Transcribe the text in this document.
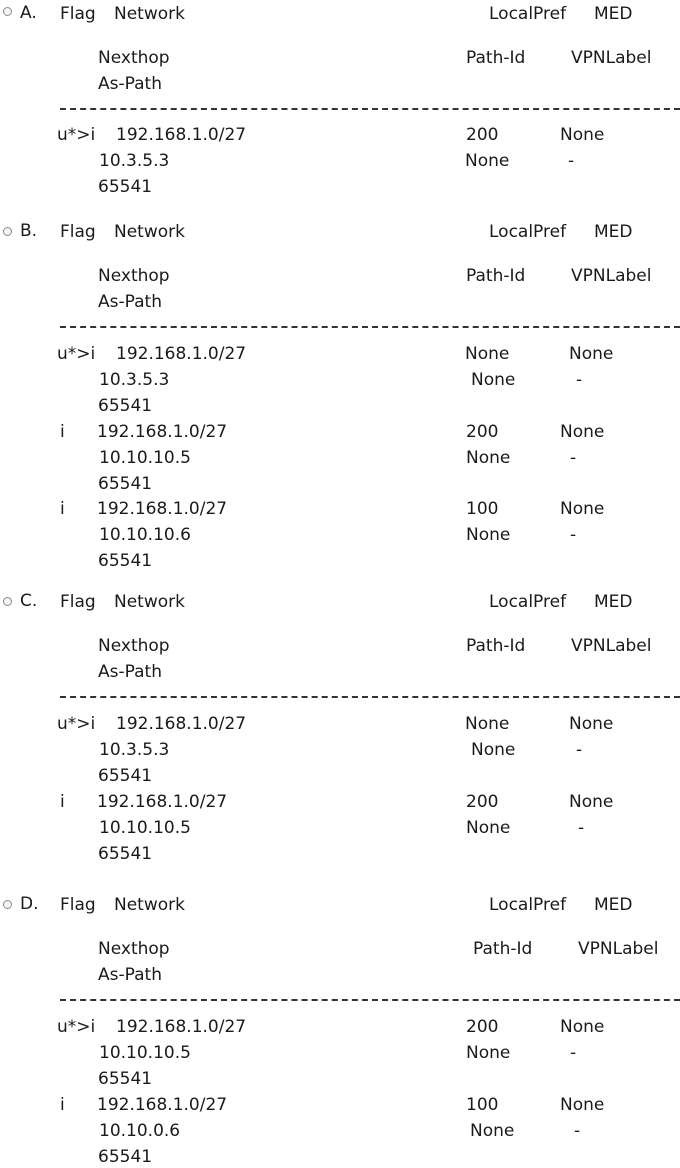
A. Flag Network	LocalPref MED
Nexthop	Path-Id	VPNLabel
As-Path
u*>i 192.168.1.0/27	200	None
10.3.5.3	None	-
65541
B. Flag Network	LocalPref MED
Nexthop	Path-Id	VPNLabel
As-Path
u*>i 192.168.1.0/27	None	None
10.3.5.3	None	-
65541
i 192.168.1.0/27	200	None
10.10.10.5	None	-
65541
i 192.168.1.0/27	100	None
10.10.10.6	None	-
65541
C. Flag Network	LocalPref MED
Nexthop	Path-Id	VPNLabel
As-Path
u*>i 192.168.1.0/27	None	None
10.3.5.3	None	-
65541
i 192.168.1.0/27	200	None
10.10.10.5	None	-
65541
D. Flag Network	LocalPref MED
Nexthop	Path-Id	VPNLabel
As-Path
u*>i 192.168.1.0/27	200	None
10.10.10.5	None	-
65541
i 192.168.1.0/27	100	None
10.10.0.6	None	-
65541
